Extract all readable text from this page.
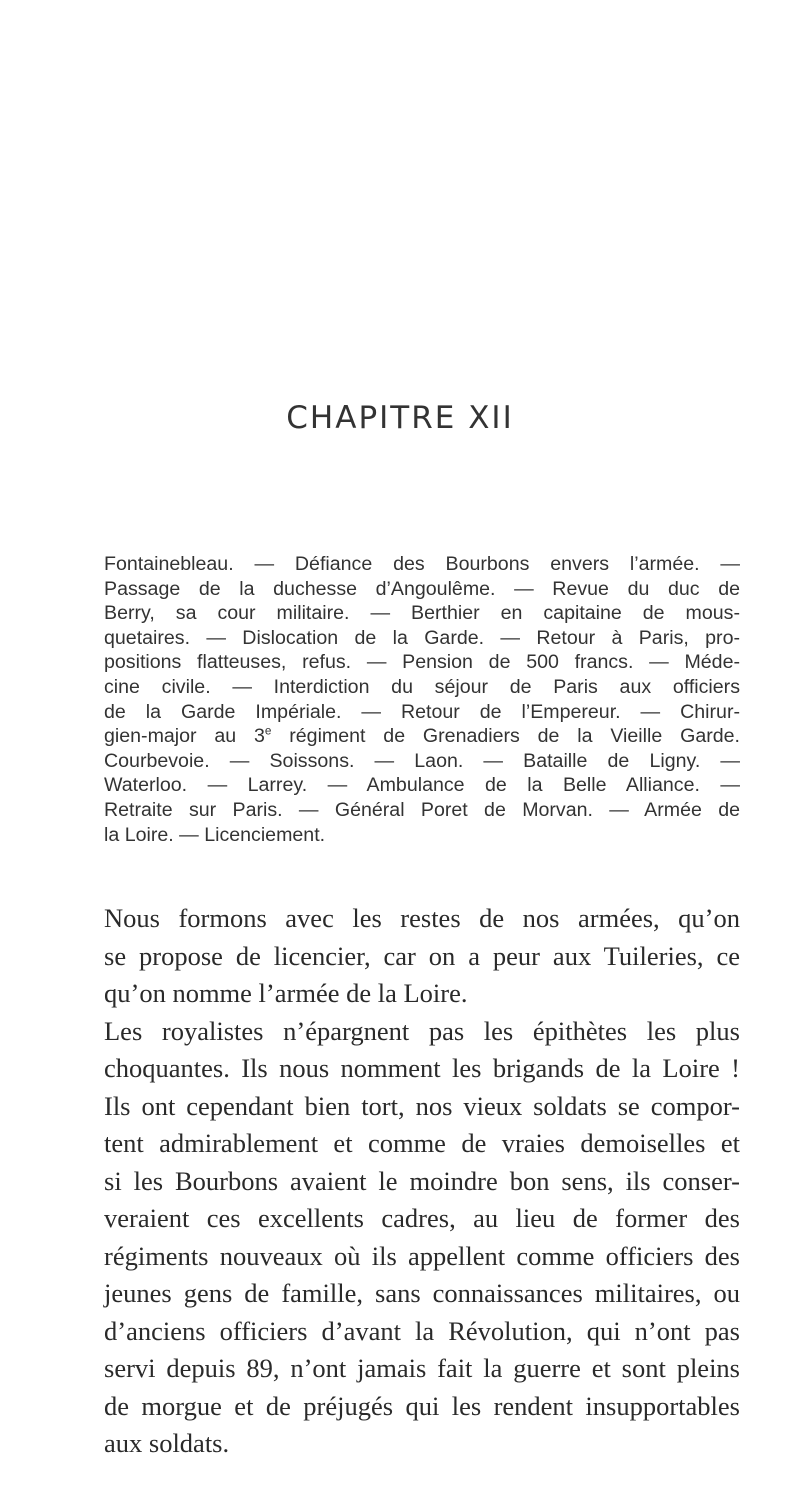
CHAPITRE XII
Fontainebleau. — Défiance des Bourbons envers l’armée. —
Passage de la duchesse d’Angoulême. — Revue du duc de
Berry, sa cour militaire. — Berthier en capitaine de mous-
quetaires. — Dislocation de la Garde. — Retour à Paris, pro-
positions flatteuses, refus. — Pension de 500 francs. — Méde-
cine civile. — Interdiction du séjour de Paris aux officiers
de la Garde Impériale. — Retour de l’Empereur. — Chirur-
gien-major au 3e régiment de Grenadiers de la Vieille Garde.
Courbevoie. — Soissons. — Laon. — Bataille de Ligny. —
Waterloo. — Larrey. — Ambulance de la Belle Alliance. —
Retraite sur Paris. — Général Poret de Morvan. — Armée de
la Loire. — Licenciement.
Nous formons avec les restes de nos armées, qu’on
se propose de licencier, car on a peur aux Tuileries, ce
qu’on nomme l’armée de la Loire.
Les royalistes n’épargnent pas les épithètes les plus
choquantes. Ils nous nomment les brigands de la Loire !
Ils ont cependant bien tort, nos vieux soldats se compor-
tent admirablement et comme de vraies demoiselles et
si les Bourbons avaient le moindre bon sens, ils conser-
veraient ces excellents cadres, au lieu de former des
régiments nouveaux où ils appellent comme officiers des
jeunes gens de famille, sans connaissances militaires, ou
d’anciens officiers d’avant la Révolution, qui n’ont pas
servi depuis 89, n’ont jamais fait la guerre et sont pleins
de morgue et de préjugés qui les rendent insupportables
aux soldats.
